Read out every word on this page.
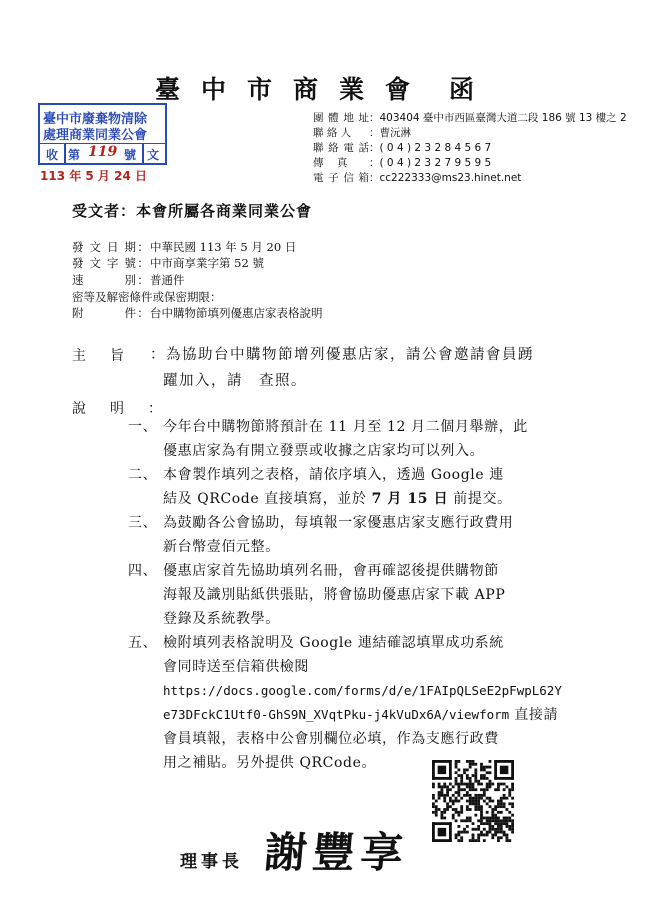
臺中市商業會 函
團體地址：403404 臺中市西區臺灣大道二段 186 號 13 樓之 2
聯 絡 人 ：曹沅淋
聯絡電話：( 0 4 ) 2 3 2 8 4 5 6 7
傳    真 ：( 0 4 ) 2 3 2 7 9 5 9 5
電子信箱：cc222333@ms23.hinet.net
臺中市廢棄物清除
處理商業同業公會
收 第 119 號 文
113 年 5 月 24 日
受文者：本會所屬各商業同業公會
發文日期：中華民國 113 年 5 月 20 日
發文字號：中市商享業字第 52 號
速    別：普通件
密等及解密條件或保密期限：
附    件：台中購物節填列優惠店家表格說明
主旨 ：為協助台中購物節增列優惠店家，請公會邀請會員踴
躍加入，請　查照。
說明：
一、 今年台中購物節將預計在 11 月至 12 月二個月舉辦，此
優惠店家為有開立發票或收據之店家均可以列入。
二、 本會製作填列之表格，請依序填入，透過 Google 連
結及 QRCode 直接填寫，並於 7 月 15 日 前提交。
三、 為鼓勵各公會協助，每填報一家優惠店家支應行政費用
新台幣壹佰元整。
四、 優惠店家首先協助填列名冊，會再確認後提供購物節
海報及識別貼紙供張貼，將會協助優惠店家下載 APP
登錄及系統教學。
五、 檢附填列表格說明及 Google 連結確認填單成功系統
會同時送至信箱供檢閱
https://docs.google.com/forms/d/e/1FAIpQLSeE2pFwpL62Y
e73DFckC1Utf0-GhS9N_XVqtPku-j4kVuDx6A/viewform 直接請
會員填報，表格中公會別欄位必填，作為支應行政費
用之補貼。另外提供 QRCode。
理事長 謝豐享
